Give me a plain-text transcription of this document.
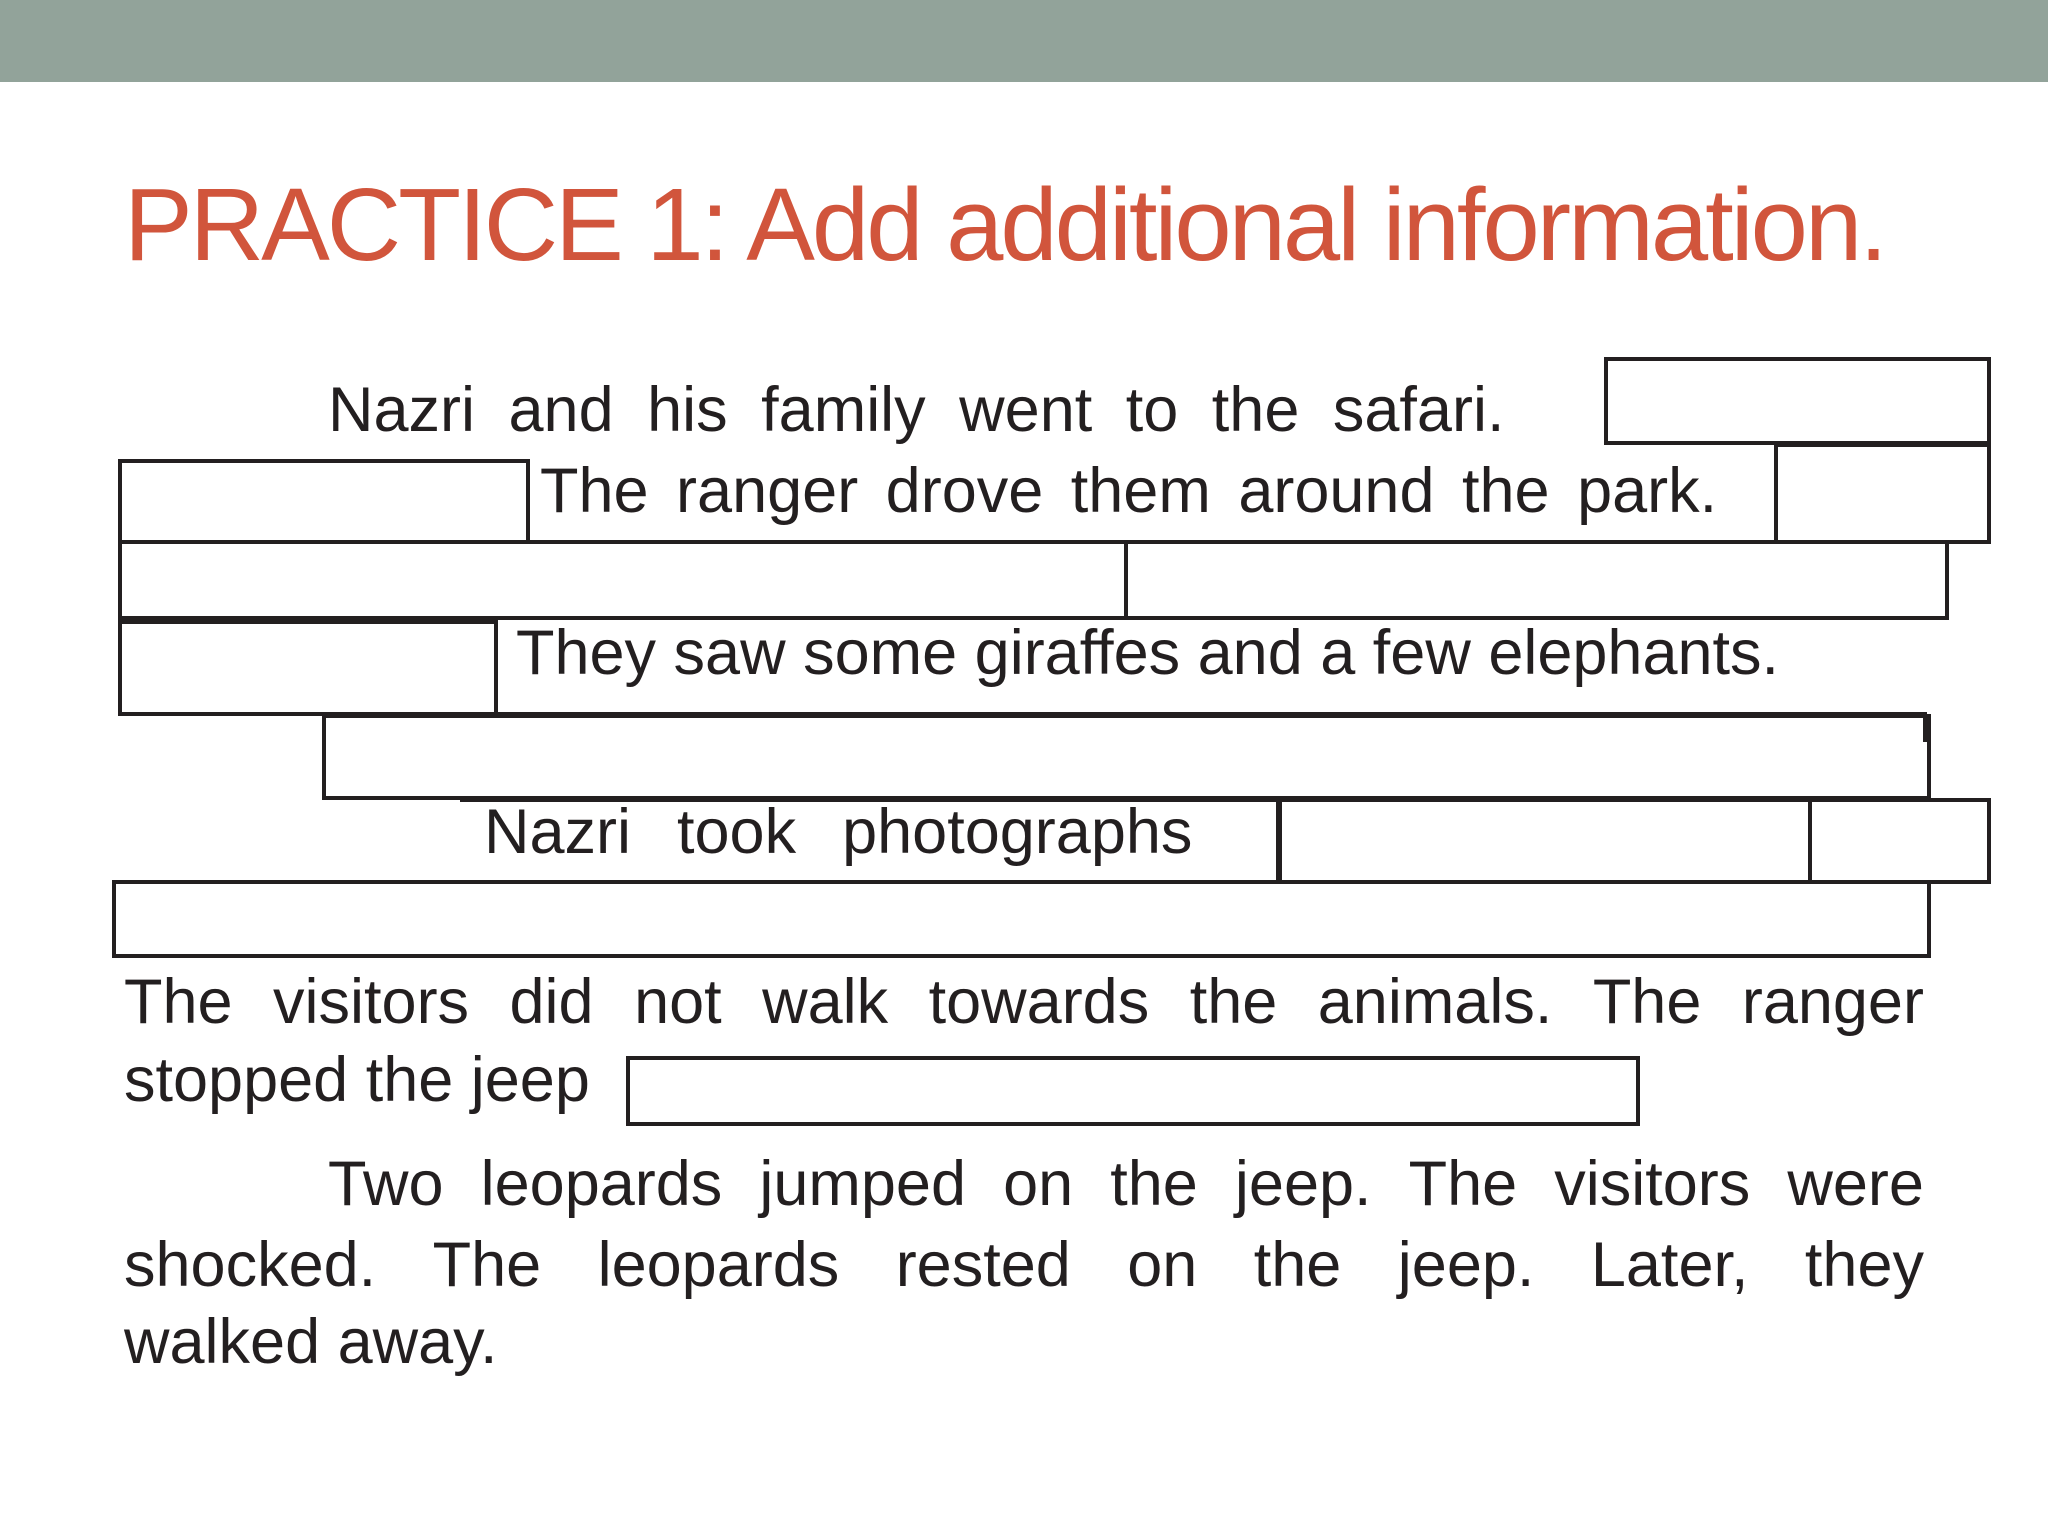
PRACTICE 1: Add additional information.
Nazri and his family went to the safari.
The ranger drove them around the park.
They saw some giraffes and a few elephants.
Nazri took photographs
The visitors did not walk towards the animals. The ranger
stopped the jeep
Two leopards jumped on the jeep. The visitors were
shocked. The leopards rested on the jeep. Later, they
walked away.
